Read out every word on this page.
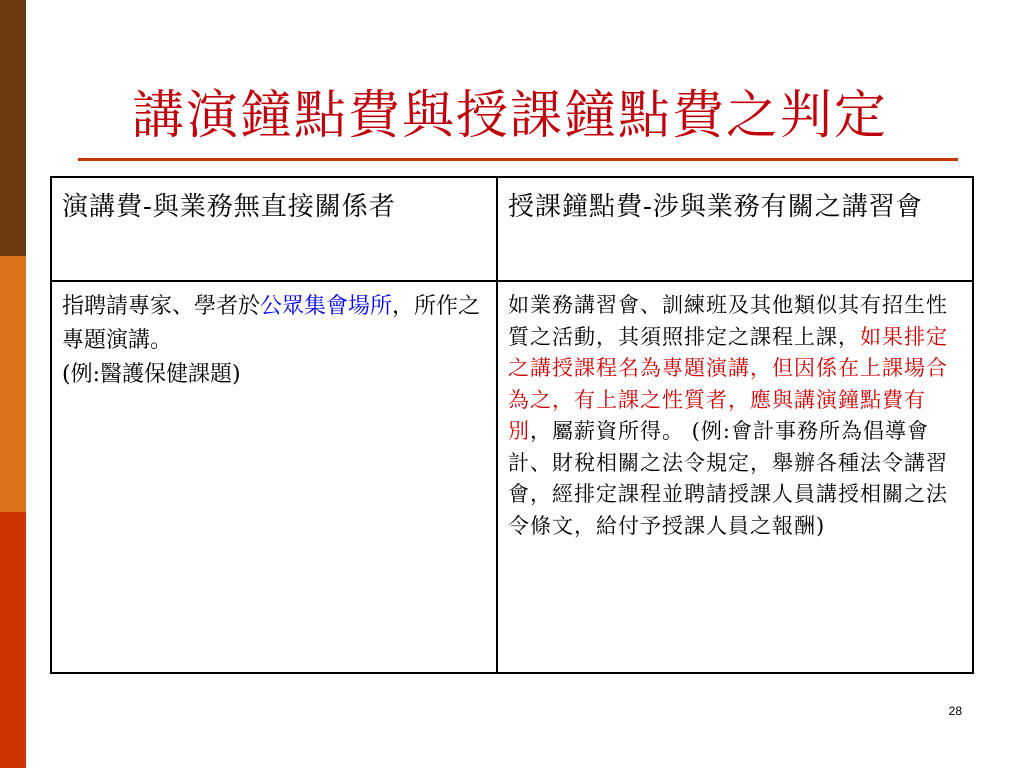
講演鐘點費與授課鐘點費之判定
演講費-與業務無直接關係者	授課鐘點費-涉與業務有關之講習會
指聘請專家、學者於公眾集會場所，所作之專題演講。
(例:醫護保健課題)	如業務講習會、訓練班及其他類似其有招生性質之活動，其須照排定之課程上課，如果排定之講授課程名為專題演講，但因係在上課場合為之，有上課之性質者，應與講演鐘點費有別，屬薪資所得。 (例:會計事務所為倡導會計、財稅相關之法令規定，舉辦各種法令講習會，經排定課程並聘請授課人員講授相關之法令條文，給付予授課人員之報酬)
28
